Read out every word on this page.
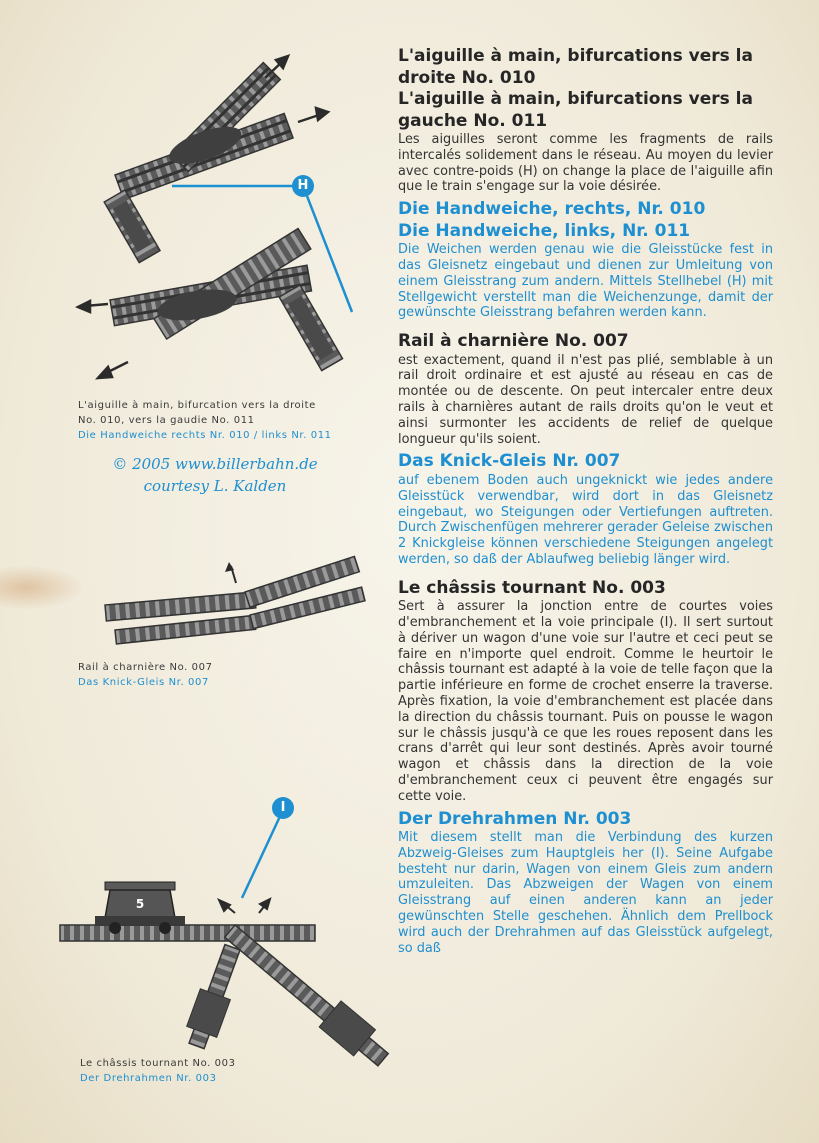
H
I
5
L'aiguille à main, bifurcation vers la droite
No. 010, vers la gaudie No. 011
Die Handweiche rechts Nr. 010 / links Nr. 011
© 2005 www.billerbahn.de
courtesy L. Kalden
Rail à charnière No. 007
Das Knick-Gleis Nr. 007
Le châssis tournant No. 003
Der Drehrahmen Nr. 003

L'aiguille à main, bifurcations vers la droite No. 010

L'aiguille à main, bifurcations vers la gauche No. 011

Les aiguilles seront comme les fragments de rails intercalés solidement dans le réseau. Au moyen du levier avec contre-poids (H) on change la place de l'aiguille afin que le train s'engage sur la voie désirée.

Die Handweiche, rechts, Nr. 010

Die Handweiche, links, Nr. 011

Die Weichen werden genau wie die Gleisstücke fest in das Gleisnetz eingebaut und dienen zur Umleitung von einem Gleisstrang zum andern. Mittels Stellhebel (H) mit Stellgewicht verstellt man die Weichenzunge, damit der gewünschte Gleisstrang befahren werden kann.

Rail à charnière No. 007

est exactement, quand il n'est pas plié, semblable à un rail droit ordinaire et est ajusté au réseau en cas de montée ou de descente. On peut intercaler entre deux rails à charnières autant de rails droits qu'on le veut et ainsi surmonter les accidents de relief de quelque longueur qu'ils soient.

Das Knick-Gleis Nr. 007

auf ebenem Boden auch ungeknickt wie jedes andere Gleisstück verwendbar, wird dort in das Gleisnetz eingebaut, wo Steigungen oder Vertiefungen auftreten. Durch Zwischenfügen mehrerer gerader Geleise zwischen 2 Knickgleise können verschiedene Steigungen angelegt werden, so daß der Ablaufweg beliebig länger wird.

Le châssis tournant No. 003

Sert à assurer la jonction entre de courtes voies d'embranchement et la voie principale (I). Il sert surtout à dériver un wagon d'une voie sur l'autre et ceci peut se faire en n'importe quel endroit. Comme le heurtoir le châssis tournant est adapté à la voie de telle façon que la partie inférieure en forme de crochet enserre la traverse. Après fixation, la voie d'embranchement est placée dans la direction du châssis tournant. Puis on pousse le wagon sur le châssis jusqu'à ce que les roues reposent dans les crans d'arrêt qui leur sont destinés. Après avoir tourné wagon et châssis dans la direction de la voie d'embranchement ceux ci peuvent être engagés sur cette voie.

Der Drehrahmen Nr. 003

Mit diesem stellt man die Verbindung des kurzen Abzweig-Gleises zum Hauptgleis her (I). Seine Aufgabe besteht nur darin, Wagen von einem Gleis zum andern umzuleiten. Das Abzweigen der Wagen von einem Gleisstrang auf einen anderen kann an jeder gewünschten Stelle geschehen. Ähnlich dem Prellbock wird auch der Drehrahmen auf das Gleisstück aufgelegt, so daß
